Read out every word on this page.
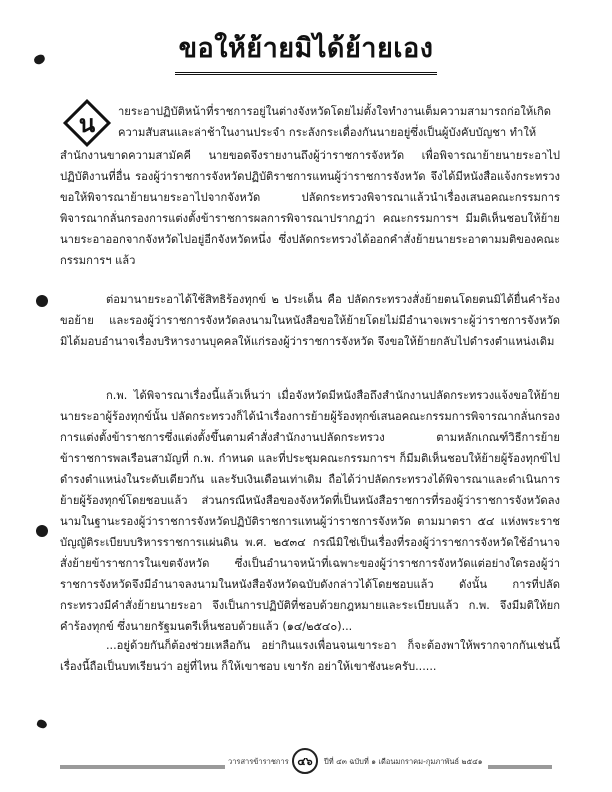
ขอให้ย้ายมิได้ย้ายเอง
น	ายระอาปฏิบัติหน้าที่ราชการอยู่ในต่างจังหวัดโดยไม่ตั้งใจทำงานเต็มความสามารถก่อให้เกิดความสับสนและล่าช้าในงานประจำ กระลังกระเดื่องกันนายอยู่ซึ่งเป็นผู้บังคับบัญชา ทำให้

สำนักงานขาดความสามัคคี นายขอดจึงรายงานถึงผู้ว่าราชการจังหวัด เพื่อพิจารณาย้ายนายระอาไปปฏิบัติงานที่อื่น รองผู้ว่าราชการจังหวัดปฏิบัติราชการแทนผู้ว่าราชการจังหวัด จึงได้มีหนังสือแจ้งกระทรวงขอให้พิจารณาย้ายนายระอาไปจากจังหวัด ปลัดกระทรวงพิจารณาแล้วนำเรื่องเสนอคณะกรรมการพิจารณากลั่นกรองการแต่งตั้งข้าราชการผลการพิจารณาปรากฏว่า คณะกรรมการฯ มีมติเห็นชอบให้ย้ายนายระอาออกจากจังหวัดไปอยู่อีกจังหวัดหนึ่ง ซึ่งปลัดกระทรวงได้ออกคำสั่งย้ายนายระอาตามมติของคณะกรรมการฯ แล้ว

ต่อมานายระอาได้ใช้สิทธิร้องทุกข์ ๒ ประเด็น คือ ปลัดกระทรวงสั่งย้ายตนโดยตนมิได้ยื่นคำร้องขอย้าย และรองผู้ว่าราชการจังหวัดลงนามในหนังสือขอให้ย้ายโดยไม่มีอำนาจเพราะผู้ว่าราชการจังหวัดมิได้มอบอำนาจเรื่องบริหารงานบุคคลให้แก่รองผู้ว่าราชการจังหวัด จึงขอให้ย้ายกลับไปดำรงตำแหน่งเดิม

ก.พ. ได้พิจารณาเรื่องนี้แล้วเห็นว่า เมื่อจังหวัดมีหนังสือถึงสำนักงานปลัดกระทรวงแจ้งขอให้ย้ายนายระอาผู้ร้องทุกข์นั้น ปลัดกระทรวงก็ได้นำเรื่องการย้ายผู้ร้องทุกข์เสนอคณะกรรมการพิจารณากลั่นกรองการแต่งตั้งข้าราชการซึ่งแต่งตั้งขึ้นตามคำสั่งสำนักงานปลัดกระทรวง ตามหลักเกณฑ์วิธีการย้ายข้าราชการพลเรือนสามัญที่ ก.พ. กำหนด และที่ประชุมคณะกรรมการฯ ก็มีมติเห็นชอบให้ย้ายผู้ร้องทุกข์ไปดำรงตำแหน่งในระดับเดียวกัน และรับเงินเดือนเท่าเดิม ถือได้ว่าปลัดกระทรวงได้พิจารณาและดำเนินการย้ายผู้ร้องทุกข์โดยชอบแล้ว ส่วนกรณีหนังสือของจังหวัดที่เป็นหนังสือราชการที่รองผู้ว่าราชการจังหวัดลงนามในฐานะรองผู้ว่าราชการจังหวัดปฏิบัติราชการแทนผู้ว่าราชการจังหวัด ตามมาตรา ๕๔ แห่งพระราชบัญญัติระเบียบบริหารราชการแผ่นดิน พ.ศ. ๒๕๓๔ กรณีมิใช่เป็นเรื่องที่รองผู้ว่าราชการจังหวัดใช้อำนาจสั่งย้ายข้าราชการในเขตจังหวัด ซึ่งเป็นอำนาจหน้าที่เฉพาะของผู้ว่าราชการจังหวัดแต่อย่างใดรองผู้ว่าราชการจังหวัดจึงมีอำนาจลงนามในหนังสือจังหวัดฉบับดังกล่าวได้โดยชอบแล้ว ดังนั้น การที่ปลัดกระทรวงมีคำสั่งย้ายนายระอา จึงเป็นการปฏิบัติที่ชอบด้วยกฎหมายและระเบียบแล้ว ก.พ. จึงมีมติให้ยกคำร้องทุกข์ ซึ่งนายกรัฐมนตรีเห็นชอบด้วยแล้ว (๑๔/๒๕๔๐)...

...อยู่ด้วยกันก็ต้องช่วยเหลือกัน อย่ากินแรงเพื่อนจนเขาระอา ก็จะต้องพาให้พรากจากกันเช่นนี้ เรื่องนี้ถือเป็นบทเรียนว่า อยู่ที่ไหน ก็ให้เขาชอบ เขารัก อย่าให้เขาชังนะครับ......

วารสารข้าราชการ ๔๖	ปีที่ ๔๓ ฉบับที่ ๑ เดือนมกราคม-กุมภาพันธ์ ๒๕๔๑
